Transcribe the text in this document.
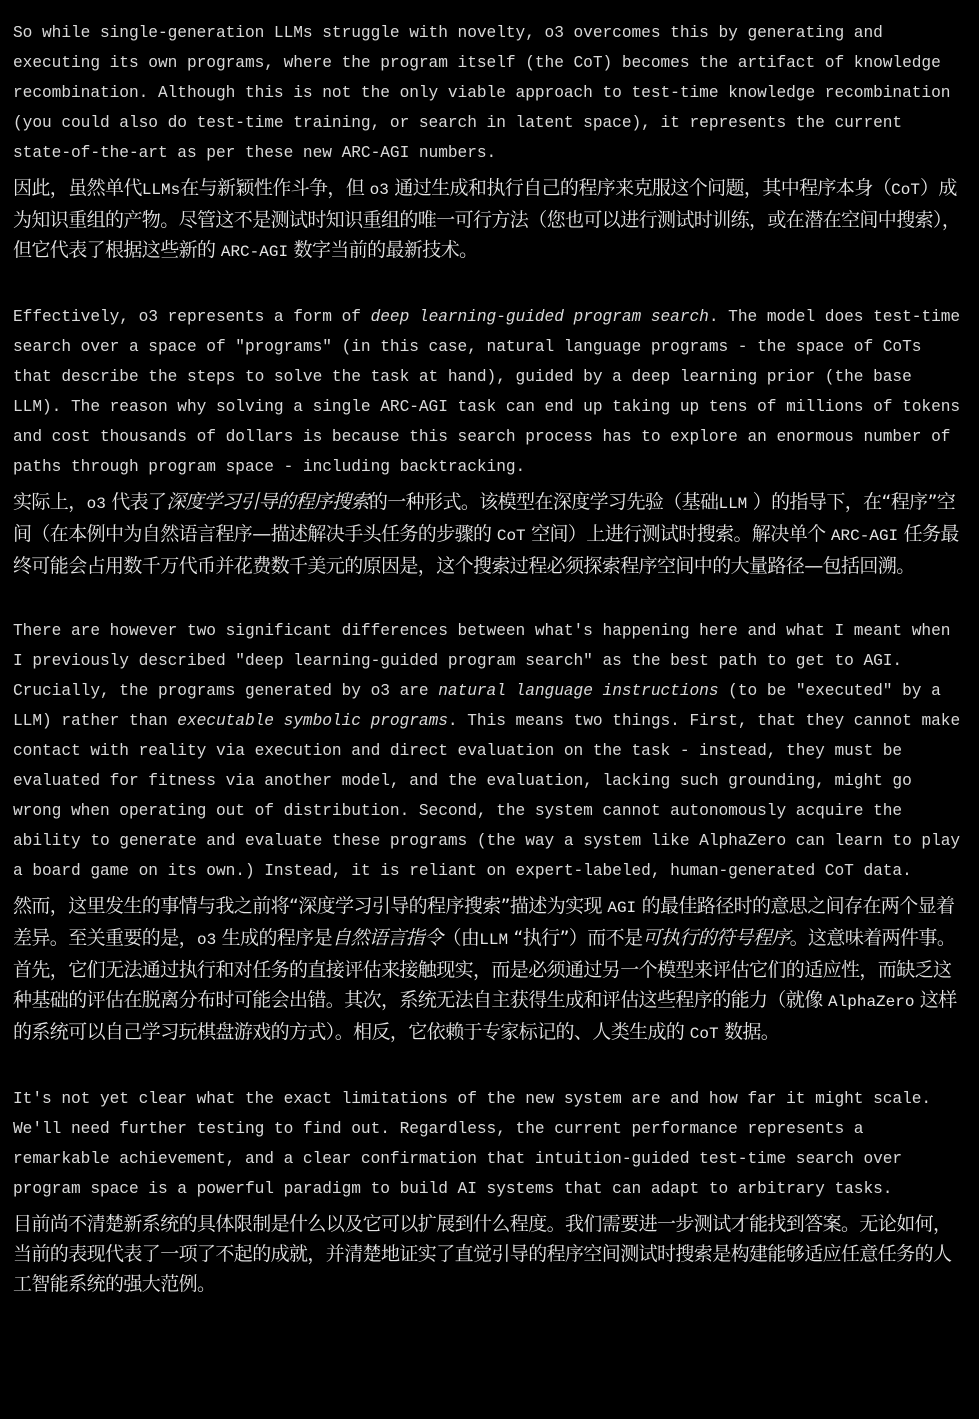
So while single-generation LLMs struggle with novelty, o3 overcomes this by generating and executing its own programs, where the program itself (the CoT) becomes the artifact of knowledge recombination. Although this is not the only viable approach to test-time knowledge recombination (you could also do test-time training, or search in latent space), it represents the current state-of-the-art as per these new ARC-AGI numbers.

因此，虽然单代LLMs在与新颖性作斗争，但 o3 通过生成和执行自己的程序来克服这个问题，其中程序本身（CoT）成为知识重组的产物。尽管这不是测试时知识重组的唯一可行方法（您也可以进行测试时训练，或在潜在空间中搜索），但它代表了根据这些新的 ARC-AGI 数字当前的最新技术。

Effectively, o3 represents a form of deep learning-guided program search. The model does test-time search over a space of "programs" (in this case, natural language programs - the space of CoTs that describe the steps to solve the task at hand), guided by a deep learning prior (the base LLM). The reason why solving a single ARC-AGI task can end up taking up tens of millions of tokens and cost thousands of dollars is because this search process has to explore an enormous number of paths through program space - including backtracking.

实际上，o3 代表了深度学习引导的程序搜索的一种形式。该模型在深度学习先验（基础LLM ）的指导下，在“程序”空间（在本例中为自然语言程序—描述解决手头任务的步骤的 CoT 空间）上进行测试时搜索。解决单个 ARC-AGI 任务最终可能会占用数千万代币并花费数千美元的原因是，这个搜索过程必须探索程序空间中的大量路径—包括回溯。

There are however two significant differences between what's happening here and what I meant when I previously described "deep learning-guided program search" as the best path to get to AGI. Crucially, the programs generated by o3 are natural language instructions (to be "executed" by a LLM) rather than executable symbolic programs. This means two things. First, that they cannot make contact with reality via execution and direct evaluation on the task - instead, they must be evaluated for fitness via another model, and the evaluation, lacking such grounding, might go wrong when operating out of distribution. Second, the system cannot autonomously acquire the ability to generate and evaluate these programs (the way a system like AlphaZero can learn to play a board game on its own.) Instead, it is reliant on expert-labeled, human-generated CoT data.

然而，这里发生的事情与我之前将“深度学习引导的程序搜索”描述为实现 AGI 的最佳路径时的意思之间存在两个显着差异。至关重要的是，o3 生成的程序是自然语言指令（由LLM “执行”）而不是可执行的符号程序。这意味着两件事。首先，它们无法通过执行和对任务的直接评估来接触现实，而是必须通过另一个模型来评估它们的适应性，而缺乏这种基础的评估在脱离分布时可能会出错。其次，系统无法自主获得生成和评估这些程序的能力（就像 AlphaZero 这样的系统可以自己学习玩棋盘游戏的方式）。相反，它依赖于专家标记的、人类生成的 CoT 数据。

It's not yet clear what the exact limitations of the new system are and how far it might scale. We'll need further testing to find out. Regardless, the current performance represents a remarkable achievement, and a clear confirmation that intuition-guided test-time search over program space is a powerful paradigm to build AI systems that can adapt to arbitrary tasks.

目前尚不清楚新系统的具体限制是什么以及它可以扩展到什么程度。我们需要进一步测试才能找到答案。无论如何，当前的表现代表了一项了不起的成就，并清楚地证实了直觉引导的程序空间测试时搜索是构建能够适应任意任务的人工智能系统的强大范例。
